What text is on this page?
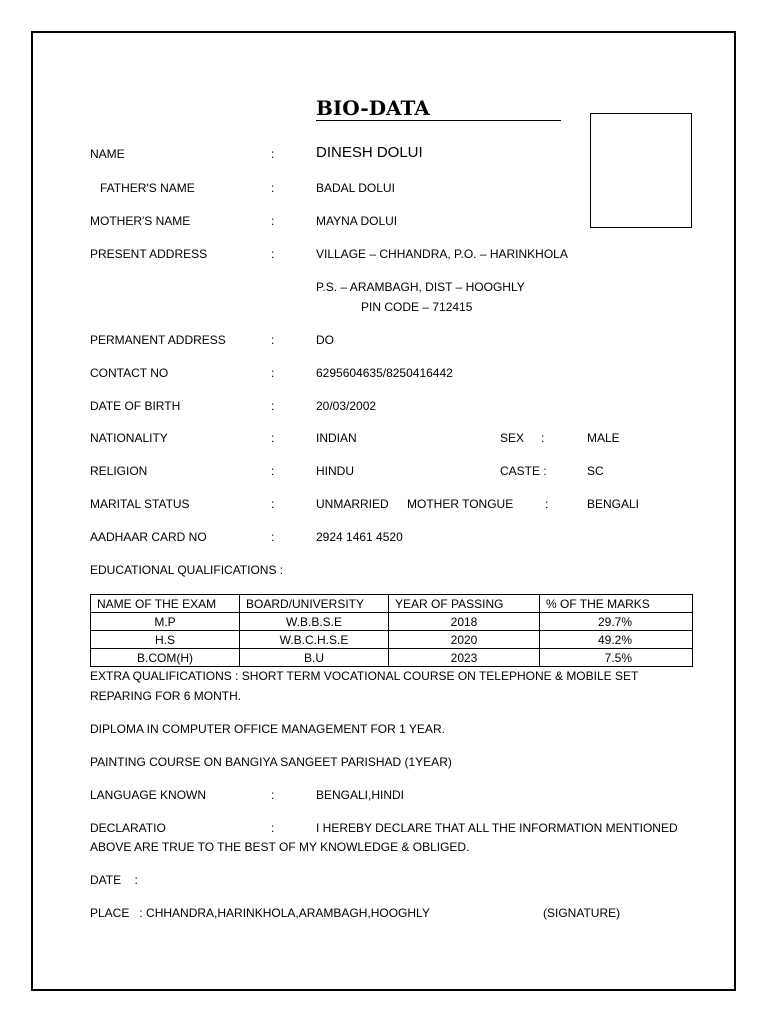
BIO-DATA
NAME	:	DINESH DOLUI
FATHER'S NAME	:	BADAL DOLUI
MOTHER'S NAME	:	MAYNA DOLUI
PRESENT ADDRESS	:	VILLAGE – CHHANDRA, P.O. – HARINKHOLA
P.S. – ARAMBAGH, DIST – HOOGHLY
PIN CODE – 712415
PERMANENT ADDRESS	:	DO
CONTACT NO	:	6295604635/8250416442
DATE OF BIRTH	:	20/03/2002
NATIONALITY	:	INDIAN	SEX :	MALE
RELIGION	:	HINDU	CASTE :	SC
MARITAL STATUS	:	UNMARRIED MOTHER TONGUE	:	BENGALI
AADHAAR CARD NO	:	2924 1461 4520
EDUCATIONAL QUALIFICATIONS :
NAME OF THE EXAM	BOARD/UNIVERSITY	YEAR OF PASSING	% OF THE MARKS
M.P	W.B.B.S.E	2018	29.7%
H.S	W.B.C.H.S.E	2020	49.2%
B.COM(H)	B.U	2023	7.5%
EXTRA QUALIFICATIONS : SHORT TERM VOCATIONAL COURSE ON TELEPHONE & MOBILE SET REPARING FOR 6 MONTH.
DIPLOMA IN COMPUTER OFFICE MANAGEMENT FOR 1 YEAR.
PAINTING COURSE ON BANGIYA SANGEET PARISHAD (1YEAR)
LANGUAGE KNOWN	:	BENGALI,HINDI
DECLARATIO	:	I HEREBY DECLARE THAT ALL THE INFORMATION MENTIONED
ABOVE ARE TRUE TO THE BEST OF MY KNOWLEDGE & OBLIGED.
DATE    :
PLACE   : CHHANDRA,HARINKHOLA,ARAMBAGH,HOOGHLY	(SIGNATURE)
